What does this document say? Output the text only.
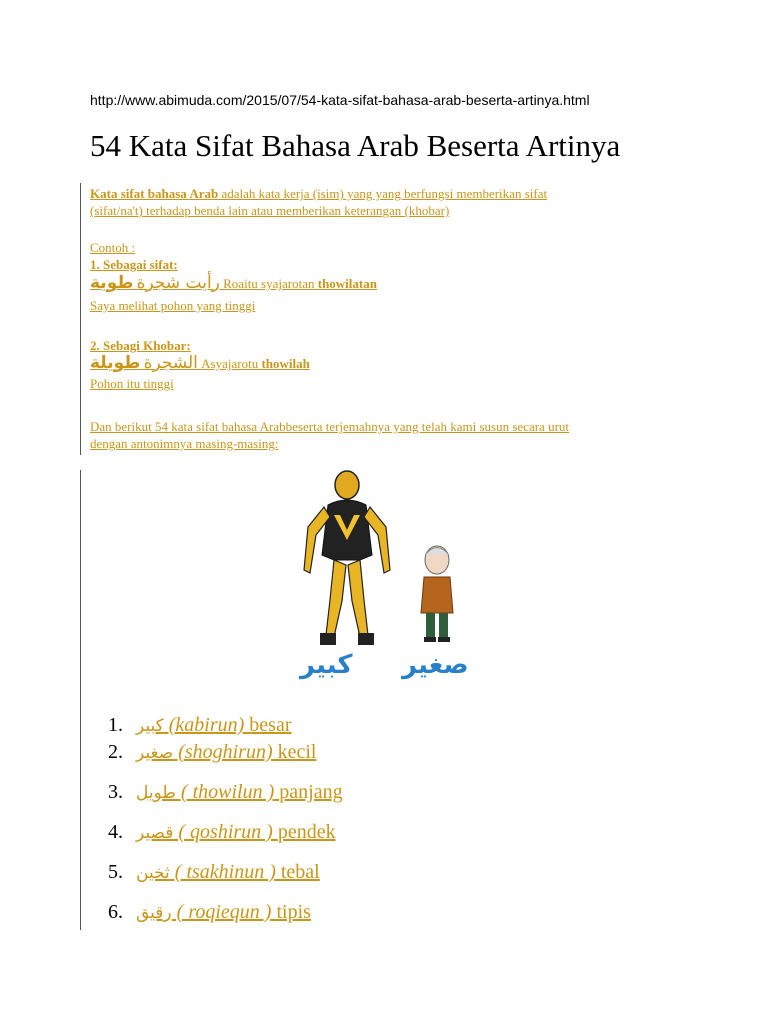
http://www.abimuda.com/2015/07/54-kata-sifat-bahasa-arab-beserta-artinya.html
54 Kata Sifat Bahasa Arab Beserta Artinya
Kata sifat bahasa Arab adalah kata kerja (isim) yang yang berfungsi memberikan sifat
(sifat/na't) terhadap benda lain atau memberikan keterangan (khobar)
Contoh :
1. Sebagai sifat:
رأيت شجرة طوية	Roaitu syajarotan thowilatan
Saya melihat pohon yang tinggi
2. Sebagi Khobar:
الشجرة طويلة	Asyajarotu thowilah
Pohon itu tinggi
Dan berikut 54 kata sifat bahasa Arabbeserta terjemahnya yang telah kami susun secara urut
dengan antonimnya masing-masing:
كبير صغير
1. كبير (kabirun) besar
2. صغير (shoghirun) kecil
3. طويل ( thowilun ) panjang
4. قصير ( qoshirun ) pendek
5. ثخين ( tsakhinun ) tebal
6. رقيق ( roqiequn ) tipis
